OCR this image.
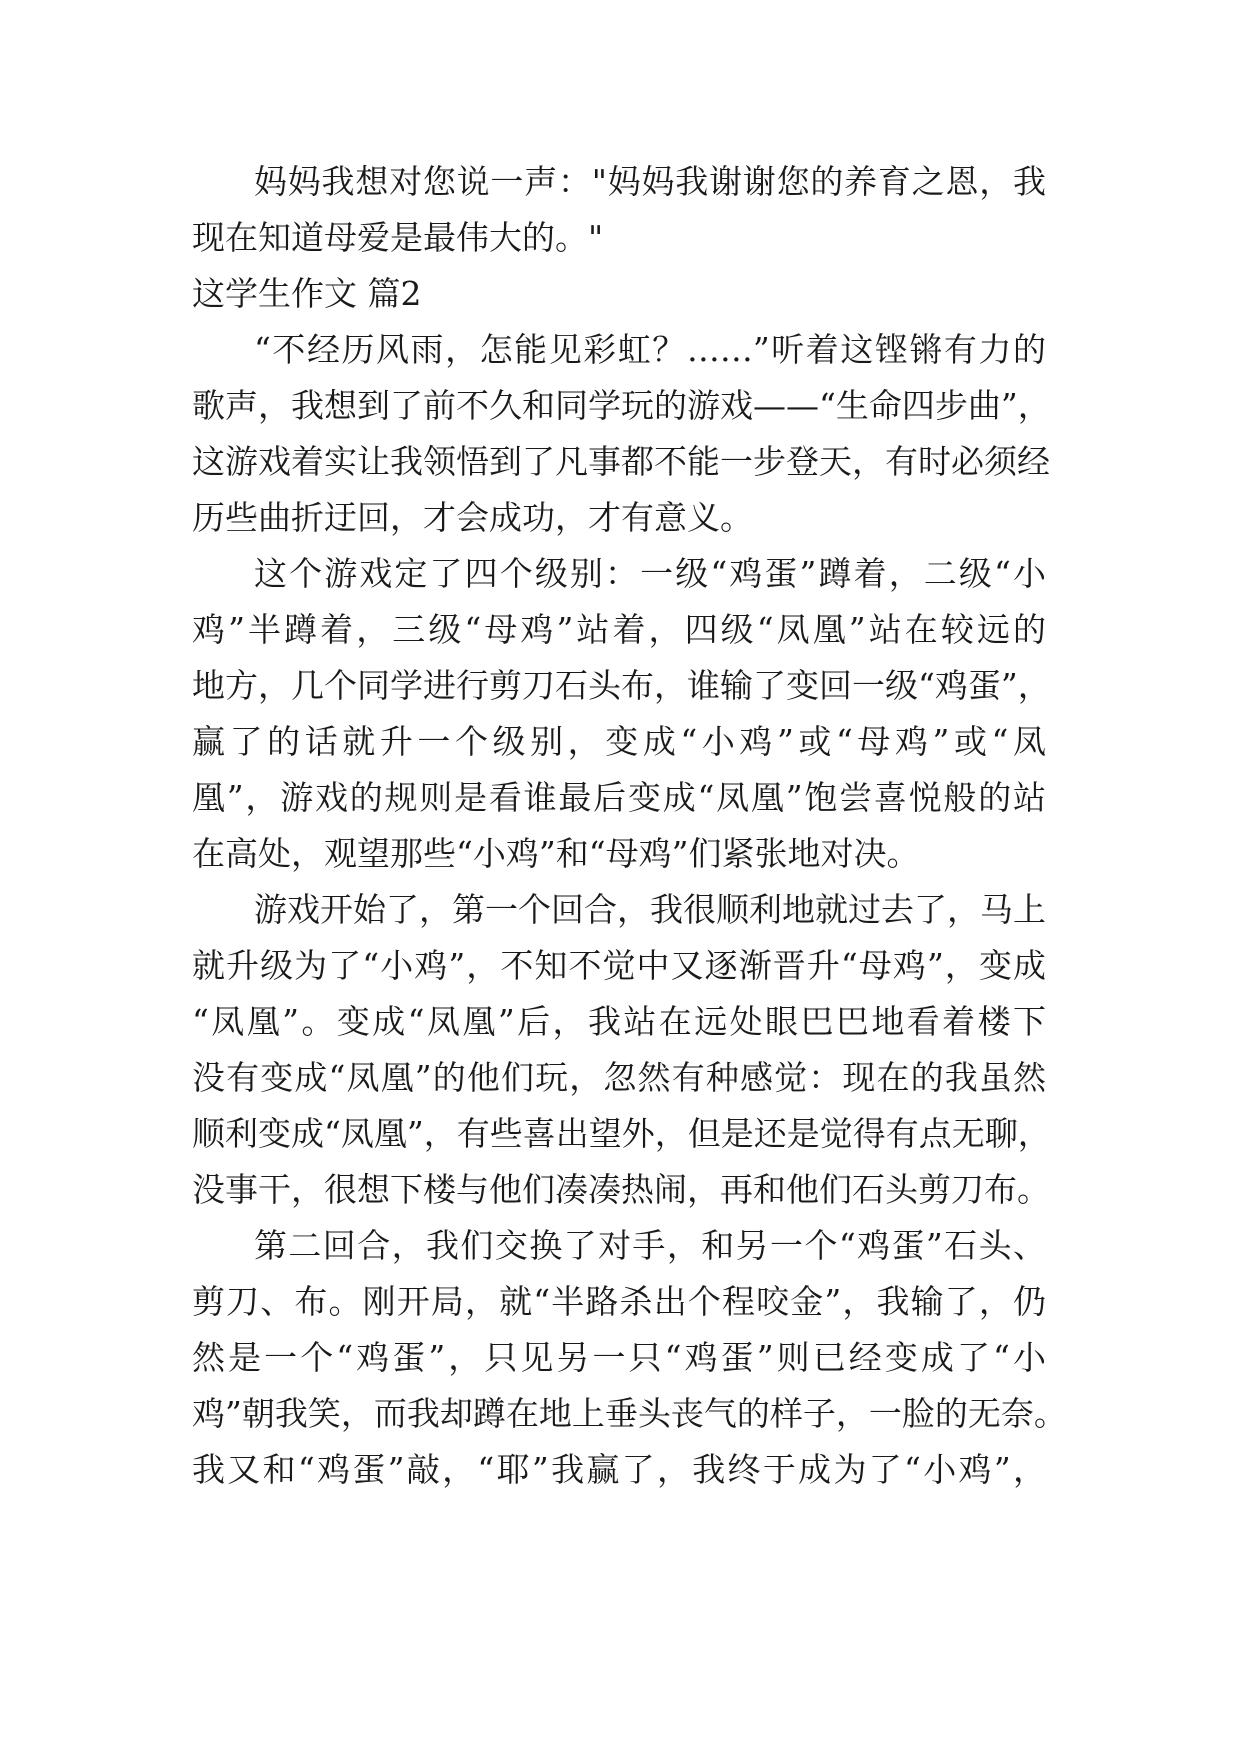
妈妈我想对您说一声："妈妈我谢谢您的养育之恩，我
现在知道母爱是最伟大的。"
这学生作文 篇2
“不经历风雨，怎能见彩虹？……”听着这铿锵有力的
歌声，我想到了前不久和同学玩的游戏——“生命四步曲”，
这游戏着实让我领悟到了凡事都不能一步登天，有时必须经
历些曲折迂回，才会成功，才有意义。
这个游戏定了四个级别：一级“鸡蛋”蹲着，二级“小
鸡”半蹲着，三级“母鸡”站着，四级“凤凰”站在较远的
地方，几个同学进行剪刀石头布，谁输了变回一级“鸡蛋”，
赢了的话就升一个级别，变成“小鸡”或“母鸡”或“凤
凰”，游戏的规则是看谁最后变成“凤凰”饱尝喜悦般的站
在高处，观望那些“小鸡”和“母鸡”们紧张地对决。
游戏开始了，第一个回合，我很顺利地就过去了，马上
就升级为了“小鸡”，不知不觉中又逐渐晋升“母鸡”，变成
“凤凰”。变成“凤凰”后，我站在远处眼巴巴地看着楼下
没有变成“凤凰”的他们玩，忽然有种感觉：现在的我虽然
顺利变成“凤凰”，有些喜出望外，但是还是觉得有点无聊，
没事干，很想下楼与他们凑凑热闹，再和他们石头剪刀布。
第二回合，我们交换了对手，和另一个“鸡蛋”石头、
剪刀、布。刚开局，就“半路杀出个程咬金”，我输了，仍
然是一个“鸡蛋”，只见另一只“鸡蛋”则已经变成了“小
鸡”朝我笑，而我却蹲在地上垂头丧气的样子，一脸的无奈。
我又和“鸡蛋”敲，“耶”我赢了，我终于成为了“小鸡”，
